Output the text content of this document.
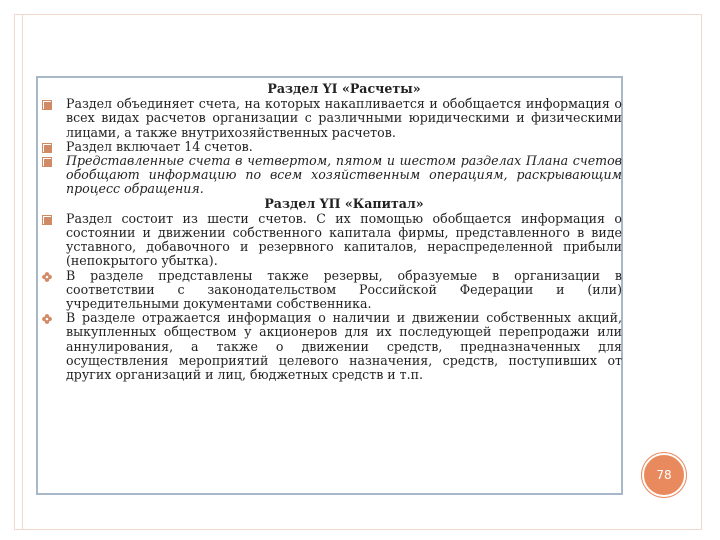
Раздел YI «Расчеты»

Раздел объединяет счета, на которых накапливается и обобщается информация о всех видах расчетов организации с различными юридическими и физическими лицами, а также внутрихозяйственных расчетов.

Раздел включает 14 счетов.

Представленные счета в четвертом, пятом и шестом разделах Плана счетов обобщают информацию по всем хозяйственным операциям, раскрывающим процесс обращения.

Раздел YП «Капитал»

Раздел состоит из шести счетов. С их помощью обобщается информация о состоянии и движении собственного капитала фирмы, представленного в виде уставного, добавочного и резервного капиталов, нераспределенной прибыли (непокрытого убытка).

В разделе представлены также резервы, образуемые в организации в соответствии с законодательством Российской Федерации и (или) учредительными документами собственника.

В разделе отражается информация о наличии и движении собственных акций, выкупленных обществом у акционеров для их последующей перепродажи или аннулирования, а также о движении средств, предназначенных для осуществления мероприятий целевого назначения, средств, поступивших от других организаций и лиц, бюджетных средств и т.п.

78
